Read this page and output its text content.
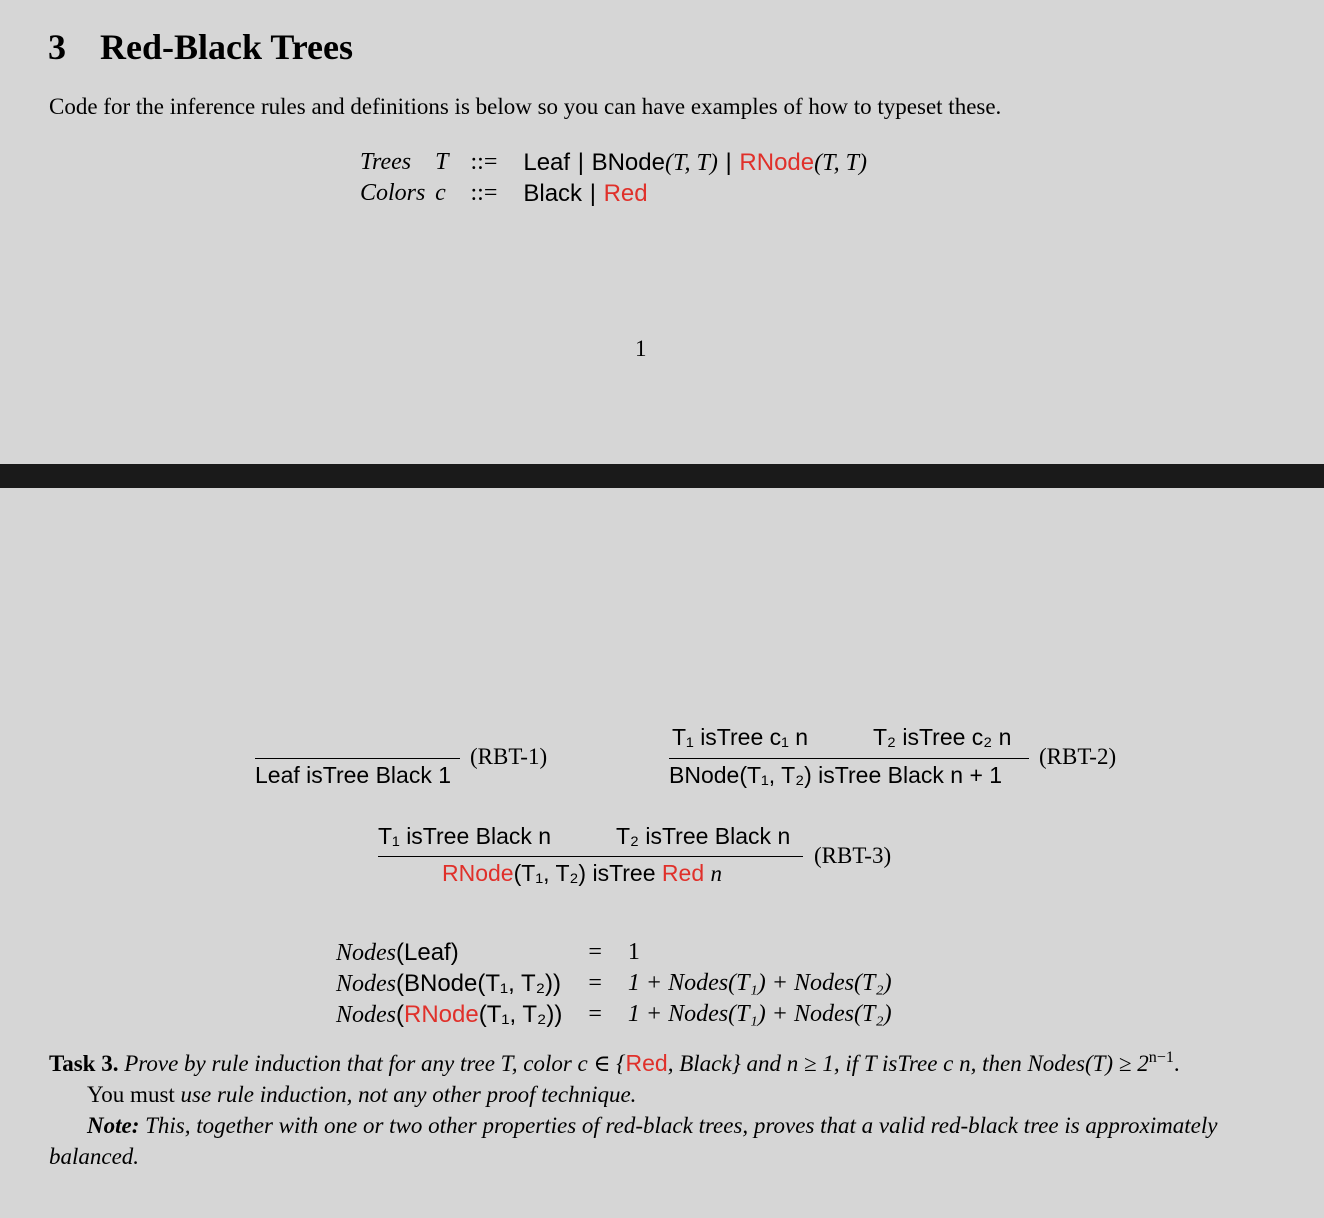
3 Red-Black Trees
Code for the inference rules and definitions is below so you can have examples of how to typeset these.
Trees	T	::=	Leaf | BNode(T, T) | RNode(T, T)
Colors	c	::=	Black | Red
1
Leaf isTree Black 1
(RBT-1)
T₁ isTree c₁ n	T₂ isTree c₂ n
BNode(T₁, T₂) isTree Black n + 1
(RBT-2)
T₁ isTree Black n	T₂ isTree Black n
RNode(T₁, T₂) isTree Red n
(RBT-3)
Nodes(Leaf)	=	1
Nodes(BNode(T₁, T₂))	=	1 + Nodes(T₁) + Nodes(T₂)
Nodes(RNode(T₁, T₂))	=	1 + Nodes(T₁) + Nodes(T₂)

Task 3. Prove by rule induction that for any tree T, color c ∈ {Red, Black} and n ≥ 1, if T isTree c n, then Nodes(T) ≥ $2^{n-1}$.

You must use rule induction, not any other proof technique.

Note: This, together with one or two other properties of red-black trees, proves that a valid red-black tree is approximately balanced.
